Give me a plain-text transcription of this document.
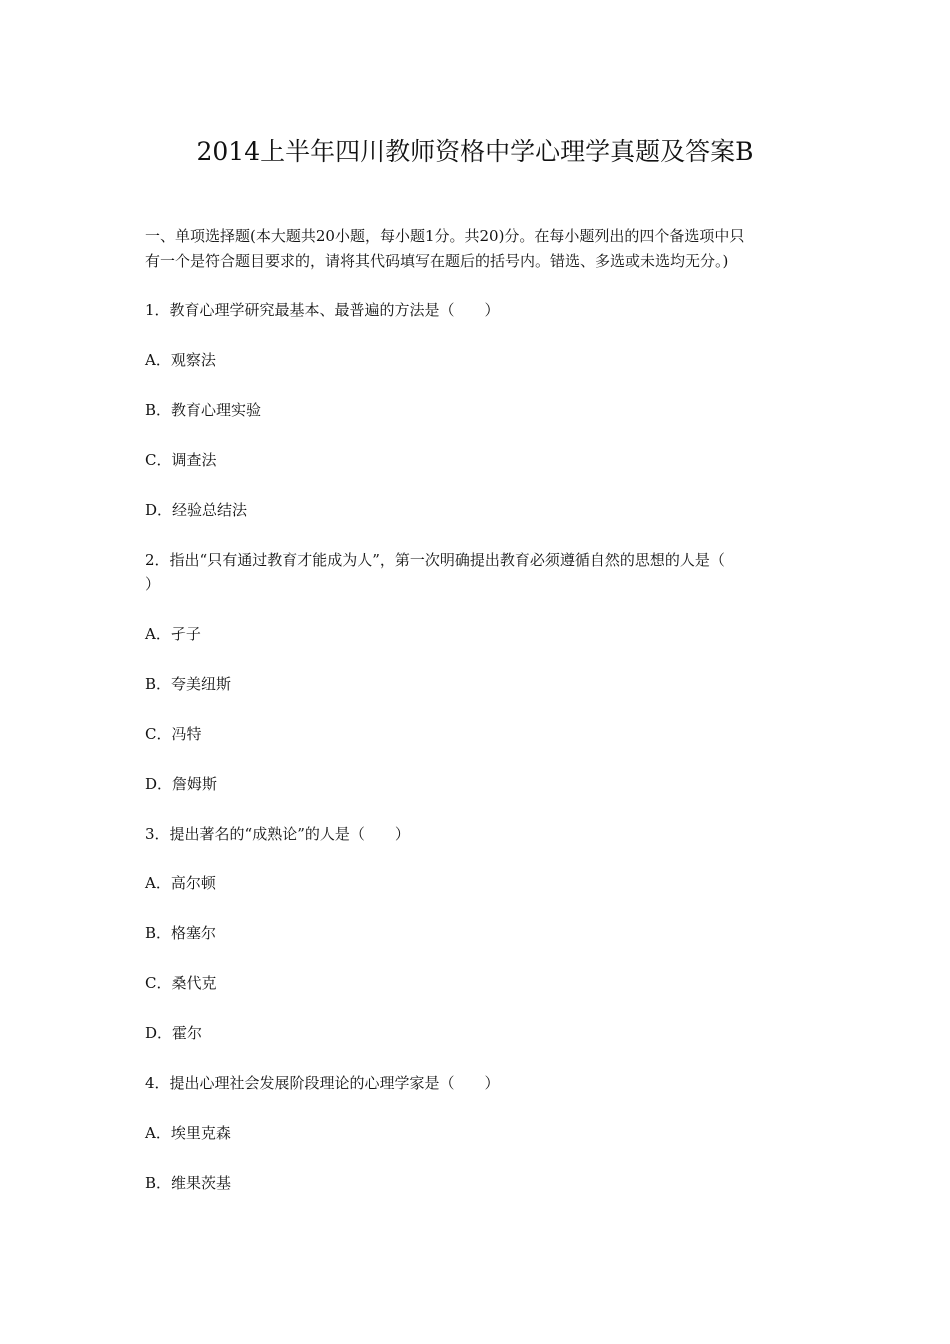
2014上半年四川教师资格中学心理学真题及答案B

一、单项选择题(本大题共20小题，每小题1分。共20)分。在每小题列出的四个备选项中只

有一个是符合题目要求的，请将其代码填写在题后的括号内。错选、多选或未选均无分。)

1．教育心理学研究最基本、最普遍的方法是（　　）
A．观察法
B．教育心理实验
C．调查法
D．经验总结法
2．指出“只有通过教育才能成为人”，第一次明确提出教育必须遵循自然的思想的人是（
）
A．孑子
B．夸美纽斯
C．冯特
D．詹姆斯
3．提出著名的“成熟论”的人是（　　）
A．高尔顿
B．格塞尔
C．桑代克
D．霍尔
4．提出心理社会发展阶段理论的心理学家是（　　）
A．埃里克森
B．维果茨基
